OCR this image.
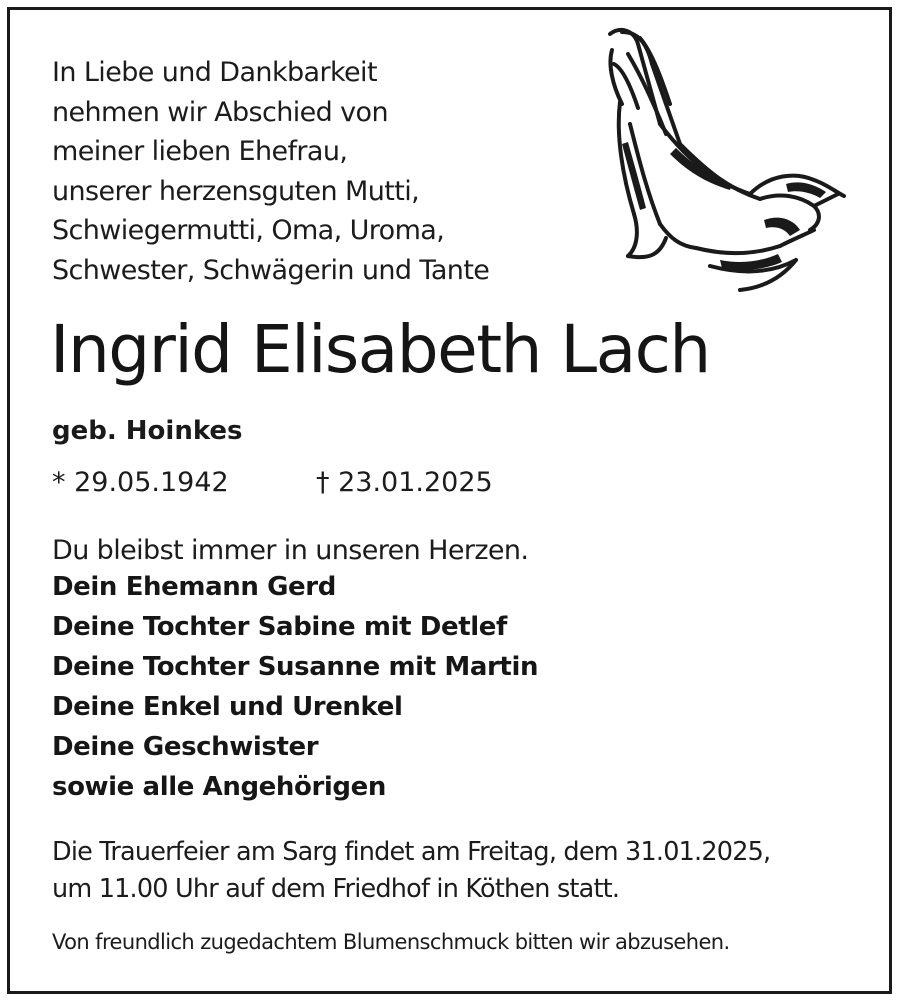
In Liebe und Dankbarkeit
nehmen wir Abschied von
meiner lieben Ehefrau,
unserer herzensguten Mutti,
Schwiegermutti, Oma, Uroma,
Schwester, Schwägerin und Tante
Ingrid Elisabeth Lach
geb. Hoinkes
* 29.05.1942	† 23.01.2025
Du bleibst immer in unseren Herzen.
Dein Ehemann Gerd
Deine Tochter Sabine mit Detlef
Deine Tochter Susanne mit Martin
Deine Enkel und Urenkel
Deine Geschwister
sowie alle Angehörigen
Die Trauerfeier am Sarg findet am Freitag, dem 31.01.2025,
um 11.00 Uhr auf dem Friedhof in Köthen statt.
Von freundlich zugedachtem Blumenschmuck bitten wir abzusehen.
